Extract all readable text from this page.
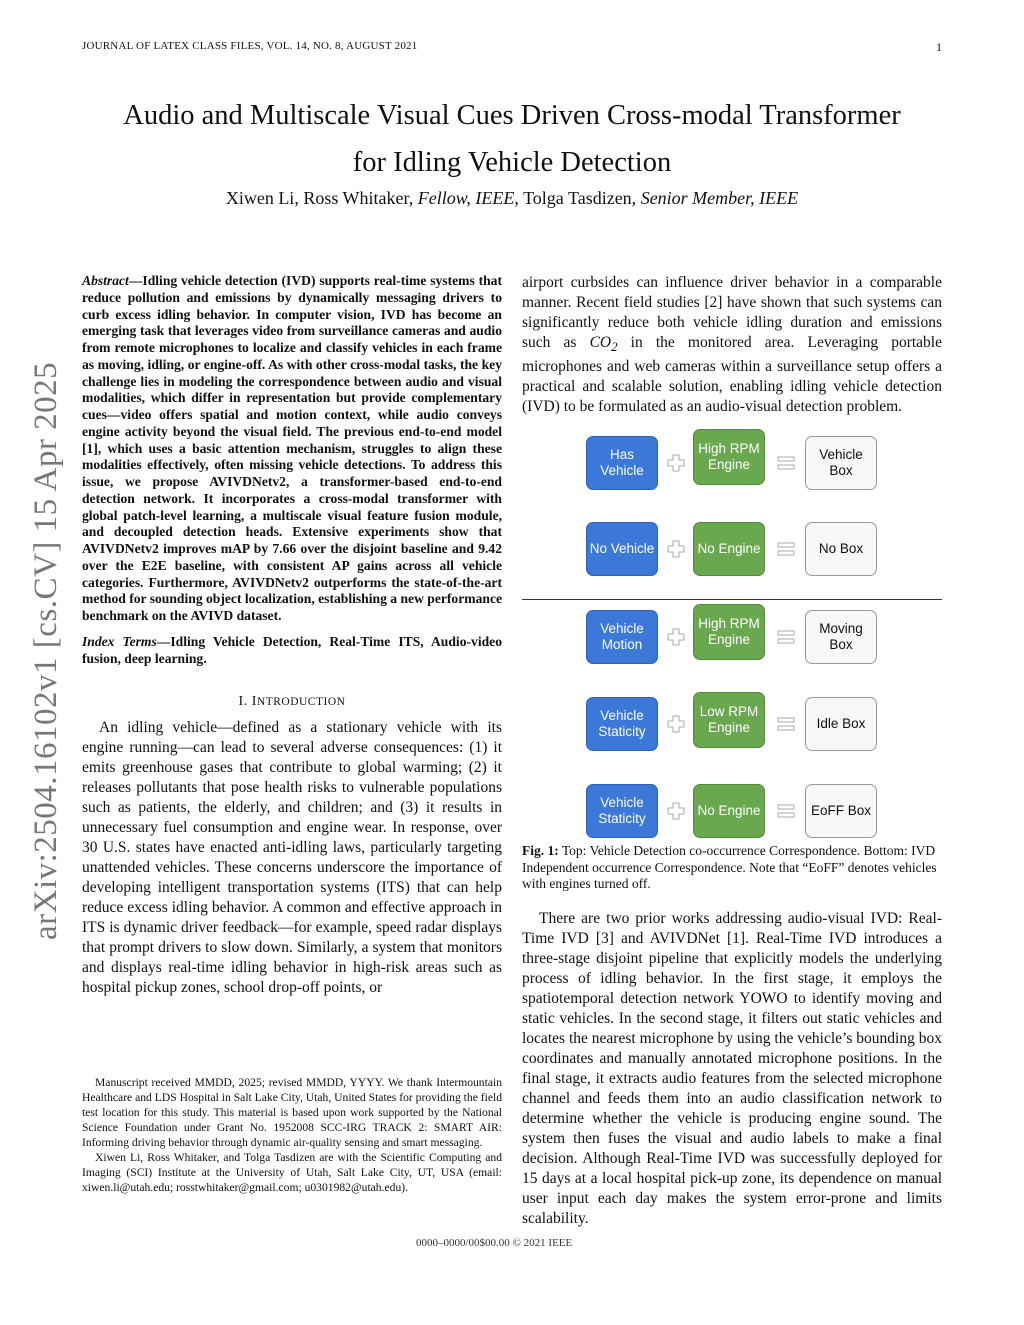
JOURNAL OF LATEX CLASS FILES, VOL. 14, NO. 8, AUGUST 2021	1
Audio and Multiscale Visual Cues Driven Cross-modal Transformer
for Idling Vehicle Detection
Xiwen Li, Ross Whitaker, Fellow, IEEE, Tolga Tasdizen, Senior Member, IEEE
arXiv:2504.16102v1 [cs.CV] 15 Apr 2025

Abstract—Idling vehicle detection (IVD) supports real-time systems that reduce pollution and emissions by dynamically messaging drivers to curb excess idling behavior. In computer vision, IVD has become an emerging task that leverages video from surveillance cameras and audio from remote microphones to localize and classify vehicles in each frame as moving, idling, or engine-off. As with other cross-modal tasks, the key challenge lies in modeling the correspondence between audio and visual modalities, which differ in representation but provide complementary cues—video offers spatial and motion context, while audio conveys engine activity beyond the visual field. The previous end-to-end model [1], which uses a basic attention mechanism, struggles to align these modalities effectively, often missing vehicle detections. To address this issue, we propose AVIVDNetv2, a transformer-based end-to-end detection network. It incorporates a cross-modal transformer with global patch-level learning, a multiscale visual feature fusion module, and decoupled detection heads. Extensive experiments show that AVIVDNetv2 improves mAP by 7.66 over the disjoint baseline and 9.42 over the E2E baseline, with consistent AP gains across all vehicle categories. Furthermore, AVIVDNetv2 outperforms the state-of-the-art method for sounding object localization, establishing a new performance benchmark on the AVIVD dataset.

Index Terms—Idling Vehicle Detection, Real-Time ITS, Audio-video fusion, deep learning.

I. INTRODUCTION

An idling vehicle—defined as a stationary vehicle with its engine running—can lead to several adverse consequences: (1) it emits greenhouse gases that contribute to global warming; (2) it releases pollutants that pose health risks to vulnerable populations such as patients, the elderly, and children; and (3) it results in unnecessary fuel consumption and engine wear. In response, over 30 U.S. states have enacted anti-idling laws, particularly targeting unattended vehicles. These concerns underscore the importance of developing intelligent transportation systems (ITS) that can help reduce excess idling behavior. A common and effective approach in ITS is dynamic driver feedback—for example, speed radar displays that prompt drivers to slow down. Similarly, a system that monitors and displays real-time idling behavior in high-risk areas such as hospital pickup zones, school drop-off points, or

Manuscript received MMDD, 2025; revised MMDD, YYYY. We thank Intermountain Healthcare and LDS Hospital in Salt Lake City, Utah, United States for providing the field test location for this study. This material is based upon work supported by the National Science Foundation under Grant No. 1952008 SCC-IRG TRACK 2: SMART AIR: Informing driving behavior through dynamic air-quality sensing and smart messaging.

Xiwen Li, Ross Whitaker, and Tolga Tasdizen are with the Scientific Computing and Imaging (SCI) Institute at the University of Utah, Salt Lake City, UT, USA (email: xiwen.li@utah.edu; rosstwhitaker@gmail.com; u0301982@utah.edu).

0000–0000/00$00.00 © 2021 IEEE

airport curbsides can influence driver behavior in a comparable manner. Recent field studies [2] have shown that such systems can significantly reduce both vehicle idling duration and emissions such as $CO_2$ in the monitored area. Leveraging portable microphones and web cameras within a surveillance setup offers a practical and scalable solution, enabling idling vehicle detection (IVD) to be formulated as an audio-visual detection problem.

Has Vehicle
High RPM Engine
Vehicle Box
No Vehicle	No Engine	No Box
Vehicle Motion
High RPM Engine
Moving Box
Vehicle Staticity
Low RPM Engine	Idle Box
Vehicle Staticity
No Engine	EoFF Box

Fig. 1: Top: Vehicle Detection co-occurrence Correspondence. Bottom: IVD Independent occurrence Correspondence. Note that “EoFF” denotes vehicles with engines turned off.

There are two prior works addressing audio-visual IVD: Real-Time IVD [3] and AVIVDNet [1]. Real-Time IVD introduces a three-stage disjoint pipeline that explicitly models the underlying process of idling behavior. In the first stage, it employs the spatiotemporal detection network YOWO to identify moving and static vehicles. In the second stage, it filters out static vehicles and locates the nearest microphone by using the vehicle’s bounding box coordinates and manually annotated microphone positions. In the final stage, it extracts audio features from the selected microphone channel and feeds them into an audio classification network to determine whether the vehicle is producing engine sound. The system then fuses the visual and audio labels to make a final decision. Although Real-Time IVD was successfully deployed for 15 days at a local hospital pick-up zone, its dependence on manual user input each day makes the system error-prone and limits scalability.
